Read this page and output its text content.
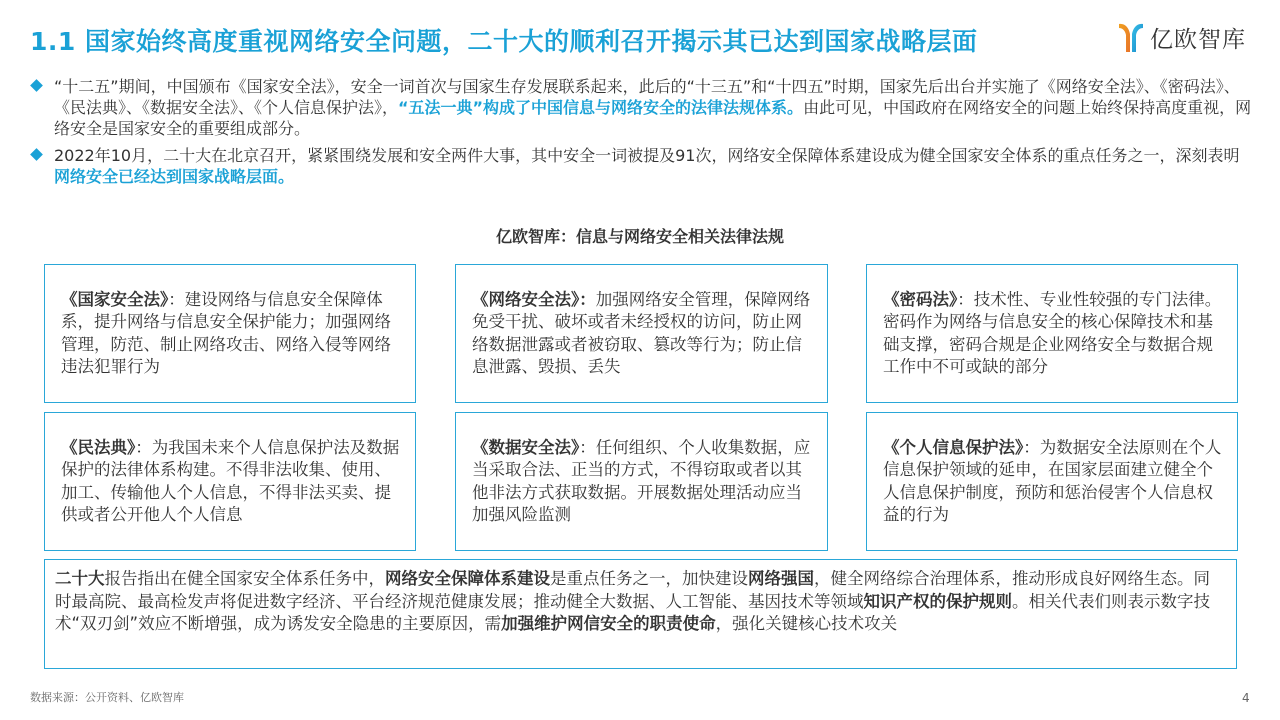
1.1 国家始终高度重视网络安全问题，二十大的顺利召开揭示其已达到国家战略层面	亿欧智库
“十二五”期间，中国颁布《国家安全法》，安全一词首次与国家生存发展联系起来，此后的“十三五”和“十四五”时期，国家先后出台并实施了《网络安全法》、《密码法》、《民法典》、《数据安全法》、《个人信息保护法》，“五法一典”构成了中国信息与网络安全的法律法规体系。由此可见，中国政府在网络安全的问题上始终保持高度重视，网络安全是国家安全的重要组成部分。
2022年10月，二十大在北京召开，紧紧围绕发展和安全两件大事，其中安全一词被提及91次，网络安全保障体系建设成为健全国家安全体系的重点任务之一，深刻表明网络安全已经达到国家战略层面。
亿欧智库：信息与网络安全相关法律法规
《国家安全法》：建设网络与信息安全保障体系，提升网络与信息安全保护能力；加强网络管理，防范、制止网络攻击、网络入侵等网络违法犯罪行为
《网络安全法》：加强网络安全管理，保障网络免受干扰、破坏或者未经授权的访问，防止网络数据泄露或者被窃取、篡改等行为；防止信息泄露、毁损、丢失
《密码法》：技术性、专业性较强的专门法律。密码作为网络与信息安全的核心保障技术和基础支撑，密码合规是企业网络安全与数据合规工作中不可或缺的部分
《民法典》：为我国未来个人信息保护法及数据保护的法律体系构建。不得非法收集、使用、加工、传输他人个人信息，不得非法买卖、提供或者公开他人个人信息
《数据安全法》：任何组织、个人收集数据，应当采取合法、正当的方式，不得窃取或者以其他非法方式获取数据。开展数据处理活动应当加强风险监测
《个人信息保护法》：为数据安全法原则在个人信息保护领域的延申，在国家层面建立健全个人信息保护制度，预防和惩治侵害个人信息权益的行为
二十大报告指出在健全国家安全体系任务中，网络安全保障体系建设是重点任务之一，加快建设网络强国，健全网络综合治理体系，推动形成良好网络生态。同时最高院、最高检发声将促进数字经济、平台经济规范健康发展；推动健全大数据、人工智能、基因技术等领域知识产权的保护规则。相关代表们则表示数字技术“双刃剑”效应不断增强，成为诱发安全隐患的主要原因，需加强维护网信安全的职责使命，强化关键核心技术攻关
数据来源：公开资料、亿欧智库	4
